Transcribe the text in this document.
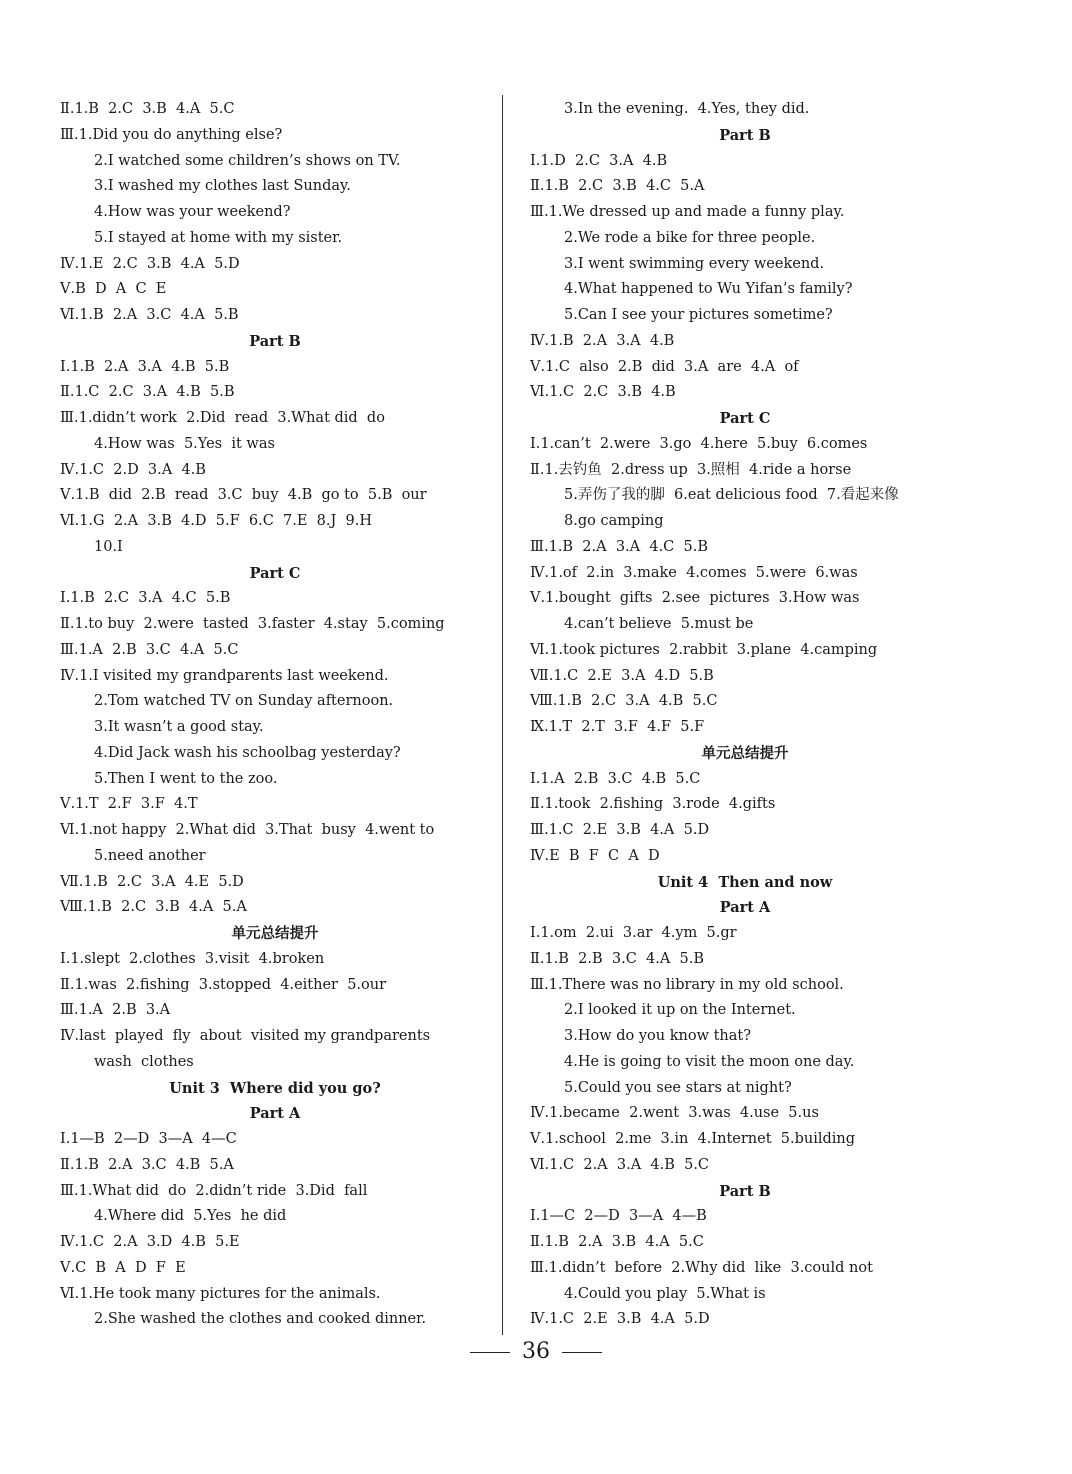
Ⅱ.1.B  2.C  3.B  4.A  5.C
Ⅲ.1.Did you do anything else?
2.I watched some children’s shows on TV.
3.I washed my clothes last Sunday.
4.How was your weekend?
5.I stayed at home with my sister.
Ⅳ.1.E  2.C  3.B  4.A  5.D
Ⅴ.B  D  A  C  E
Ⅵ.1.B  2.A  3.C  4.A  5.B
Part B
Ⅰ.1.B  2.A  3.A  4.B  5.B
Ⅱ.1.C  2.C  3.A  4.B  5.B
Ⅲ.1.didn’t work  2.Did  read  3.What did  do
4.How was  5.Yes  it was
Ⅳ.1.C  2.D  3.A  4.B
Ⅴ.1.B  did  2.B  read  3.C  buy  4.B  go to  5.B  our
Ⅵ.1.G  2.A  3.B  4.D  5.F  6.C  7.E  8.J  9.H
10.I
Part C
Ⅰ.1.B  2.C  3.A  4.C  5.B
Ⅱ.1.to buy  2.were  tasted  3.faster  4.stay  5.coming
Ⅲ.1.A  2.B  3.C  4.A  5.C
Ⅳ.1.I visited my grandparents last weekend.
2.Tom watched TV on Sunday afternoon.
3.It wasn’t a good stay.
4.Did Jack wash his schoolbag yesterday?
5.Then I went to the zoo.
Ⅴ.1.T  2.F  3.F  4.T
Ⅵ.1.not happy  2.What did  3.That  busy  4.went to
5.need another
Ⅶ.1.B  2.C  3.A  4.E  5.D
Ⅷ.1.B  2.C  3.B  4.A  5.A
单元总结提升
Ⅰ.1.slept  2.clothes  3.visit  4.broken
Ⅱ.1.was  2.fishing  3.stopped  4.either  5.our
Ⅲ.1.A  2.B  3.A
Ⅳ.last  played  fly  about  visited my grandparents
wash  clothes
Unit 3  Where did you go?
Part A
Ⅰ.1—B  2—D  3—A  4—C
Ⅱ.1.B  2.A  3.C  4.B  5.A
Ⅲ.1.What did  do  2.didn’t ride  3.Did  fall
4.Where did  5.Yes  he did
Ⅳ.1.C  2.A  3.D  4.B  5.E
Ⅴ.C  B  A  D  F  E
Ⅵ.1.He took many pictures for the animals.
2.She washed the clothes and cooked dinner.
3.In the evening.  4.Yes, they did.
Part B
Ⅰ.1.D  2.C  3.A  4.B
Ⅱ.1.B  2.C  3.B  4.C  5.A
Ⅲ.1.We dressed up and made a funny play.
2.We rode a bike for three people.
3.I went swimming every weekend.
4.What happened to Wu Yifan’s family?
5.Can I see your pictures sometime?
Ⅳ.1.B  2.A  3.A  4.B
Ⅴ.1.C  also  2.B  did  3.A  are  4.A  of
Ⅵ.1.C  2.C  3.B  4.B
Part C
Ⅰ.1.can’t  2.were  3.go  4.here  5.buy  6.comes
Ⅱ.1.去钓鱼  2.dress up  3.照相  4.ride a horse
5.弄伤了我的脚  6.eat delicious food  7.看起来像
8.go camping
Ⅲ.1.B  2.A  3.A  4.C  5.B
Ⅳ.1.of  2.in  3.make  4.comes  5.were  6.was
Ⅴ.1.bought  gifts  2.see  pictures  3.How was
4.can’t believe  5.must be
Ⅵ.1.took pictures  2.rabbit  3.plane  4.camping
Ⅶ.1.C  2.E  3.A  4.D  5.B
Ⅷ.1.B  2.C  3.A  4.B  5.C
Ⅸ.1.T  2.T  3.F  4.F  5.F
单元总结提升
Ⅰ.1.A  2.B  3.C  4.B  5.C
Ⅱ.1.took  2.fishing  3.rode  4.gifts
Ⅲ.1.C  2.E  3.B  4.A  5.D
Ⅳ.E  B  F  C  A  D
Unit 4  Then and now
Part A
Ⅰ.1.om  2.ui  3.ar  4.ym  5.gr
Ⅱ.1.B  2.B  3.C  4.A  5.B
Ⅲ.1.There was no library in my old school.
2.I looked it up on the Internet.
3.How do you know that?
4.He is going to visit the moon one day.
5.Could you see stars at night?
Ⅳ.1.became  2.went  3.was  4.use  5.us
Ⅴ.1.school  2.me  3.in  4.Internet  5.building
Ⅵ.1.C  2.A  3.A  4.B  5.C
Part B
Ⅰ.1—C  2—D  3—A  4—B
Ⅱ.1.B  2.A  3.B  4.A  5.C
Ⅲ.1.didn’t  before  2.Why did  like  3.could not
4.Could you play  5.What is
Ⅳ.1.C  2.E  3.B  4.A  5.D
36
